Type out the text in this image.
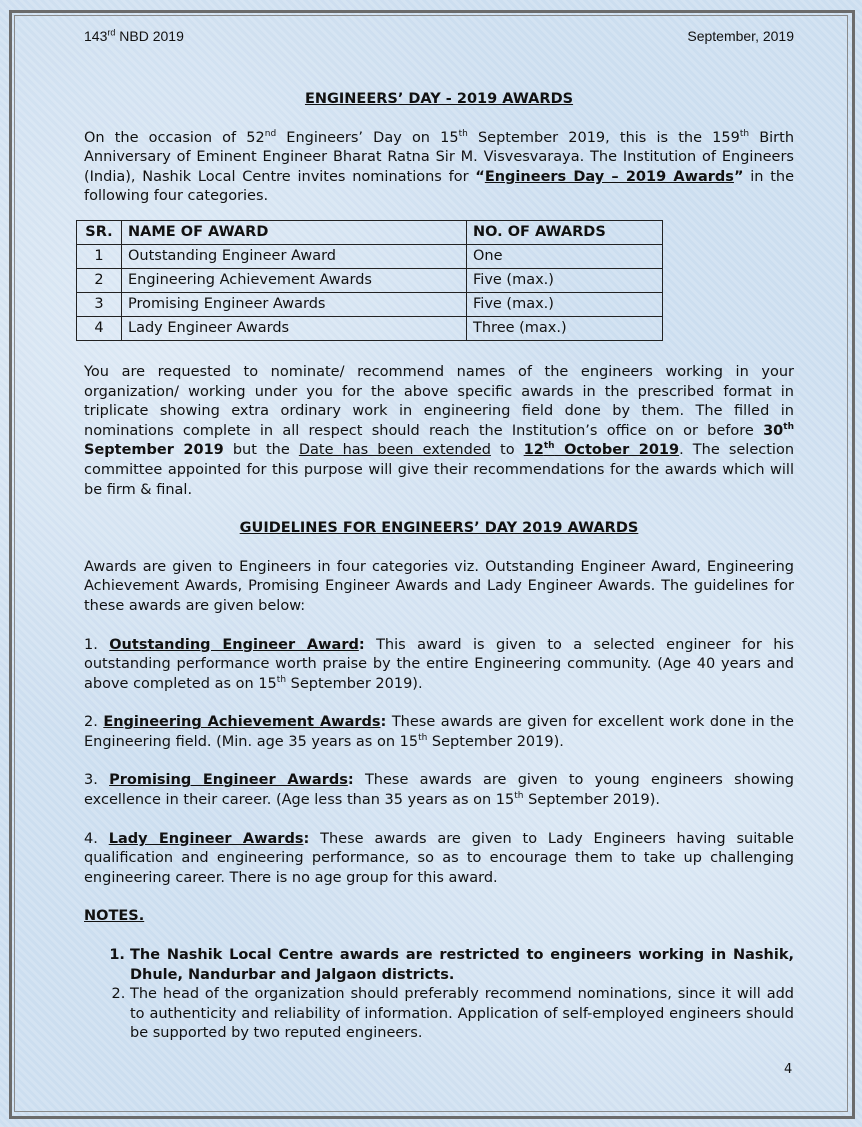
143rd NBD 2019	September, 2019
ENGINEERS’ DAY - 2019 AWARDS

On the occasion of 52nd Engineers’ Day on 15th September 2019, this is the 159th Birth Anniversary of Eminent Engineer Bharat Ratna Sir M. Visvesvaraya. The Institution of Engineers (India), Nashik Local Centre invites nominations for “Engineers Day – 2019 Awards” in the following four categories.

SR.	NAME OF AWARD	NO. OF AWARDS
1	Outstanding Engineer Award	One
2	Engineering Achievement Awards	Five (max.)
3	Promising Engineer Awards	Five (max.)
4	Lady Engineer Awards	Three (max.)

You are requested to nominate/ recommend names of the engineers working in your organization/ working under you for the above specific awards in the prescribed format in triplicate showing extra ordinary work in engineering field done by them. The filled in nominations complete in all respect should reach the Institution’s office on or before 30th September 2019 but the Date has been extended to 12th October 2019. The selection committee appointed for this purpose will give their recommendations for the awards which will be firm & final.

GUIDELINES FOR ENGINEERS’ DAY 2019 AWARDS

Awards are given to Engineers in four categories viz. Outstanding Engineer Award, Engineering Achievement Awards, Promising Engineer Awards and Lady Engineer Awards. The guidelines for these awards are given below:

1. Outstanding Engineer Award: This award is given to a selected engineer for his outstanding performance worth praise by the entire Engineering community. (Age 40 years and above completed as on 15th September 2019).

2. Engineering Achievement Awards: These awards are given for excellent work done in the Engineering field. (Min. age 35 years as on 15th September 2019).

3. Promising Engineer Awards: These awards are given to young engineers showing excellence in their career. (Age less than 35 years as on 15th September 2019).

4. Lady Engineer Awards: These awards are given to Lady Engineers having suitable qualification and engineering performance, so as to encourage them to take up challenging engineering career. There is no age group for this award.

NOTES.
1. The Nashik Local Centre awards are restricted to engineers working in Nashik, Dhule, Nandurbar and Jalgaon districts.
2. The head of the organization should preferably recommend nominations, since it will add to authenticity and reliability of information. Application of self-employed engineers should be supported by two reputed engineers.
4
